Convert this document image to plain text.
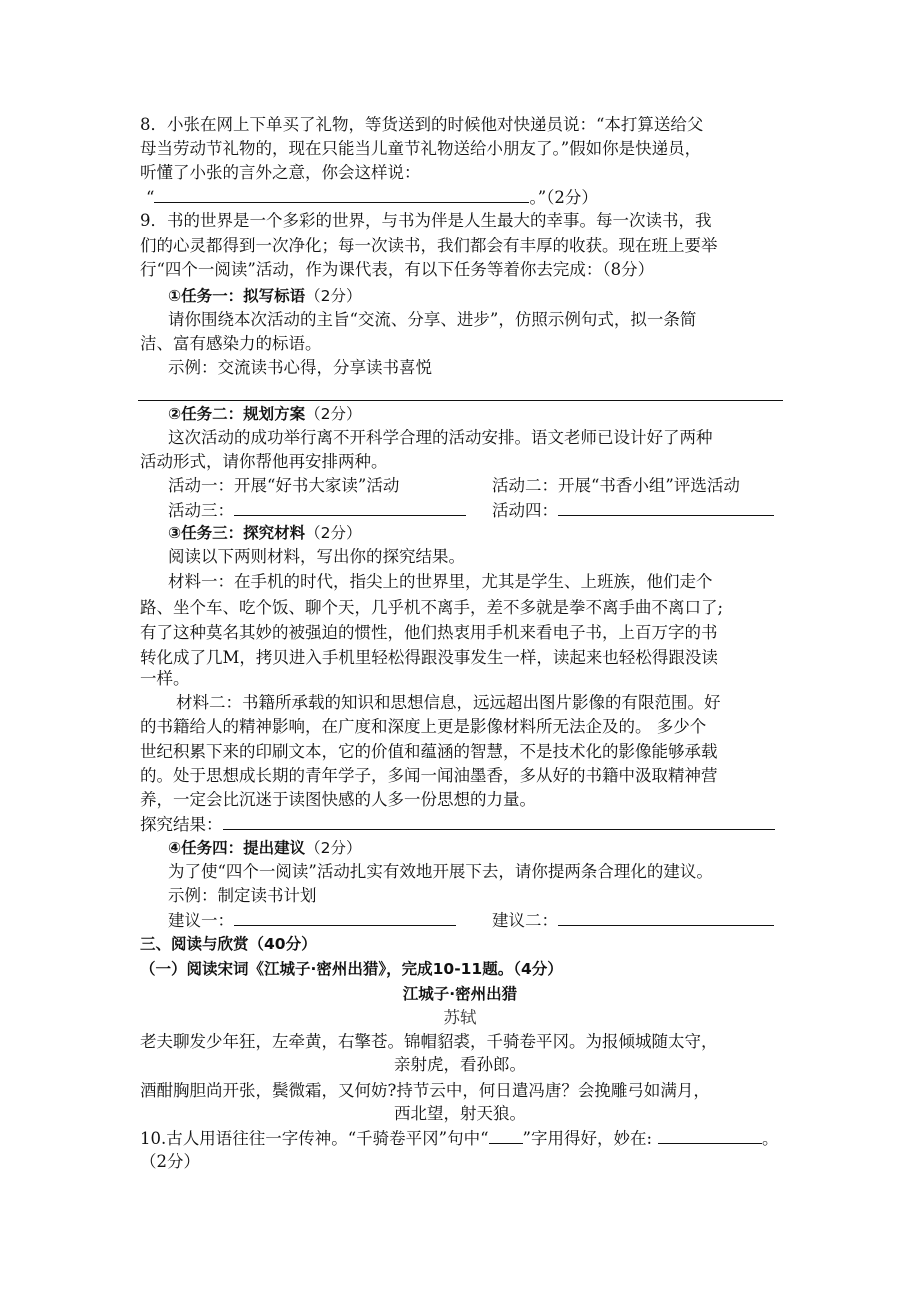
8．小张在网上下单买了礼物，等货送到的时候他对快递员说：“本打算送给父
母当劳动节礼物的，现在只能当儿童节礼物送给小朋友了。”假如你是快递员，
听懂了小张的言外之意，你会这样说：
“	。”（2分）
9．书的世界是一个多彩的世界，与书为伴是人生最大的幸事。每一次读书，我
们的心灵都得到一次净化；每一次读书，我们都会有丰厚的收获。现在班上要举
行“四个一阅读”活动，作为课代表，有以下任务等着你去完成：（8分）
①任务一：拟写标语（2分）
请你围绕本次活动的主旨“交流、分享、进步”，仿照示例句式，拟一条简
洁、富有感染力的标语。
示例：交流读书心得，分享读书喜悦
②任务二：规划方案（2分）
这次活动的成功举行离不开科学合理的活动安排。语文老师已设计好了两种
活动形式，请你帮他再安排两种。
活动一：开展“好书大家读”活动	活动二：开展“书香小组”评选活动
活动三：	活动四：
③任务三：探究材料（2分）
阅读以下两则材料，写出你的探究结果。
材料一：在手机的时代，指尖上的世界里，尤其是学生、上班族，他们走个
路、坐个车、吃个饭、聊个天，几乎机不离手，差不多就是拳不离手曲不离口了;
有了这种莫名其妙的被强迫的惯性，他们热衷用手机来看电子书，上百万字的书
转化成了几M，拷贝进入手机里轻松得跟没事发生一样，读起来也轻松得跟没读
一样。
材料二：书籍所承载的知识和思想信息，远远超出图片影像的有限范围。好
的书籍给人的精神影响，在广度和深度上更是影像材料所无法企及的。 多少个
世纪积累下来的印刷文本，它的价值和蕴涵的智慧，不是技术化的影像能够承载
的。处于思想成长期的青年学子，多闻一闻油墨香，多从好的书籍中汲取精神营
养，一定会比沉迷于读图快感的人多一份思想的力量。
探究结果：
④任务四：提出建议（2分）
为了使“四个一阅读”活动扎实有效地开展下去，请你提两条合理化的建议。
示例：制定读书计划
建议一：	建议二：
三、阅读与欣赏（40分）
（一）阅读宋词《江城子·密州出猎》，完成10-11题。（4分）
江城子·密州出猎
苏轼
老夫聊发少年狂，左牵黄，右擎苍。锦帽貂裘，千骑卷平冈。为报倾城随太守，
亲射虎，看孙郎。
酒酣胸胆尚开张，鬓微霜，又何妨?持节云中，何日遣冯唐？会挽雕弓如满月，
西北望，射天狼。
10.古人用语往往一字传神。“千骑卷平冈”句中“ ”字用得好，妙在:	。
（2分）
